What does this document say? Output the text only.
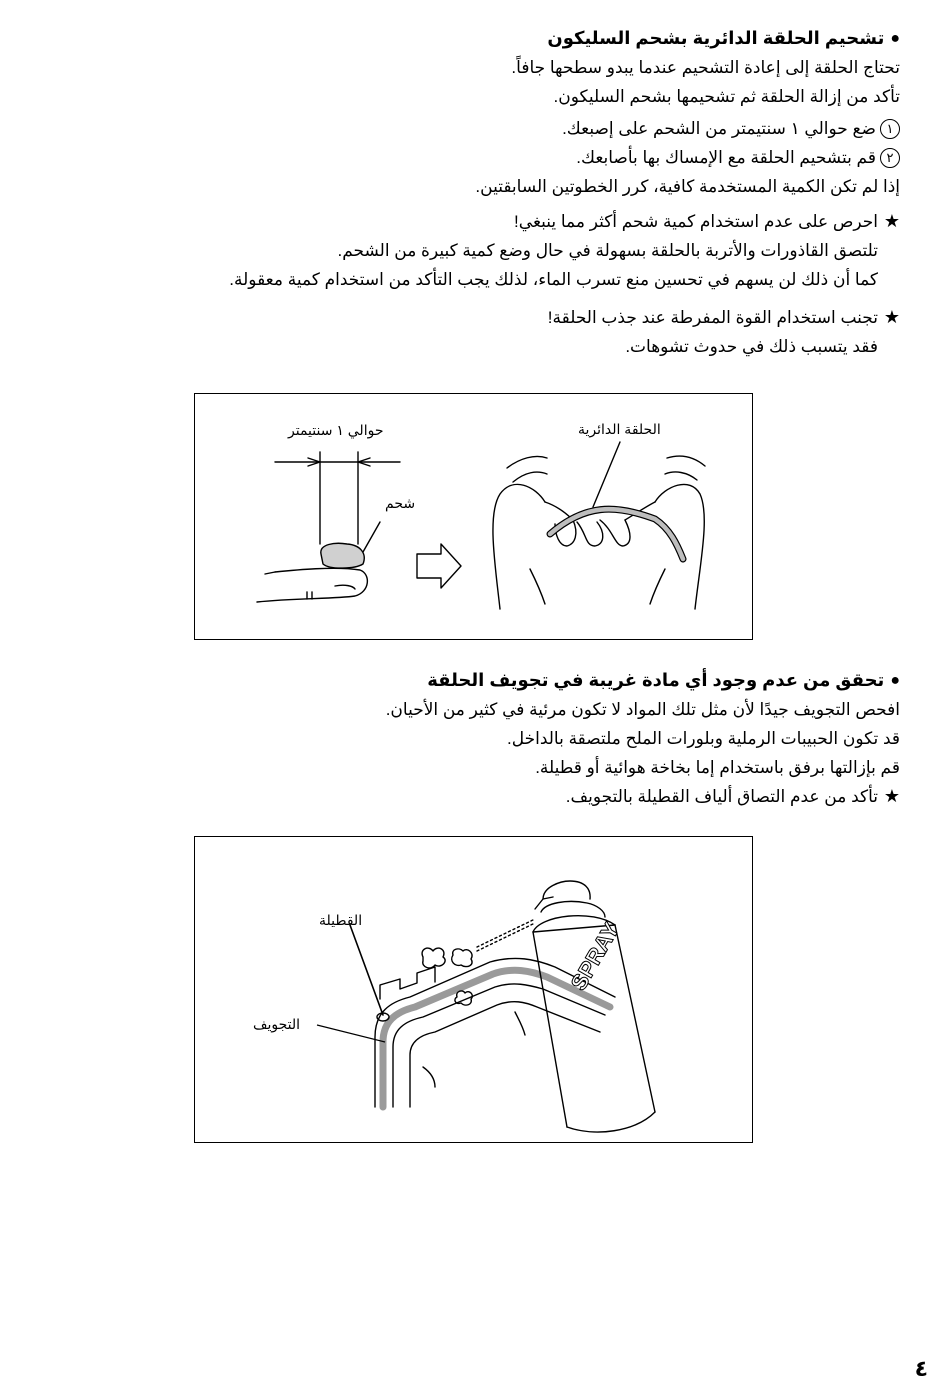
●
تشحيم الحلقة الدائرية بشحم السليكون
تحتاج الحلقة إلى إعادة التشحيم عندما يبدو سطحها جافاً.
تأكد من إزالة الحلقة ثم تشحيمها بشحم السليكون.
١
ضع حوالي ١ سنتيمتر من الشحم على إصبعك.
٢
قم بتشحيم الحلقة مع الإمساك بها بأصابعك.
إذا لم تكن الكمية المستخدمة كافية، كرر الخطوتين السابقتين.
★
احرص على عدم استخدام كمية شحم أكثر مما ينبغي!
تلتصق القاذورات والأتربة بالحلقة بسهولة في حال وضع كمية كبيرة من الشحم.
كما أن ذلك لن يسهم في تحسين منع تسرب الماء، لذلك يجب التأكد من استخدام كمية معقولة.
★
تجنب استخدام القوة المفرطة عند جذب الحلقة!
فقد يتسبب ذلك في حدوث تشوهات.
حوالي ١ سنتيمتر
شحم
الحلقة الدائرية
●
تحقق من عدم وجود أي مادة غريبة في تجويف الحلقة
افحص التجويف جيدًا لأن مثل تلك المواد لا تكون مرئية في كثير من الأحيان.
قد تكون الحبيبات الرملية وبلورات الملح ملتصقة بالداخل.
قم بإزالتها برفق باستخدام إما بخاخة هوائية أو قطيلة.
★
تأكد من عدم التصاق ألياف القطيلة بالتجويف.
SPRAY
القطيلة
التجويف
٤
